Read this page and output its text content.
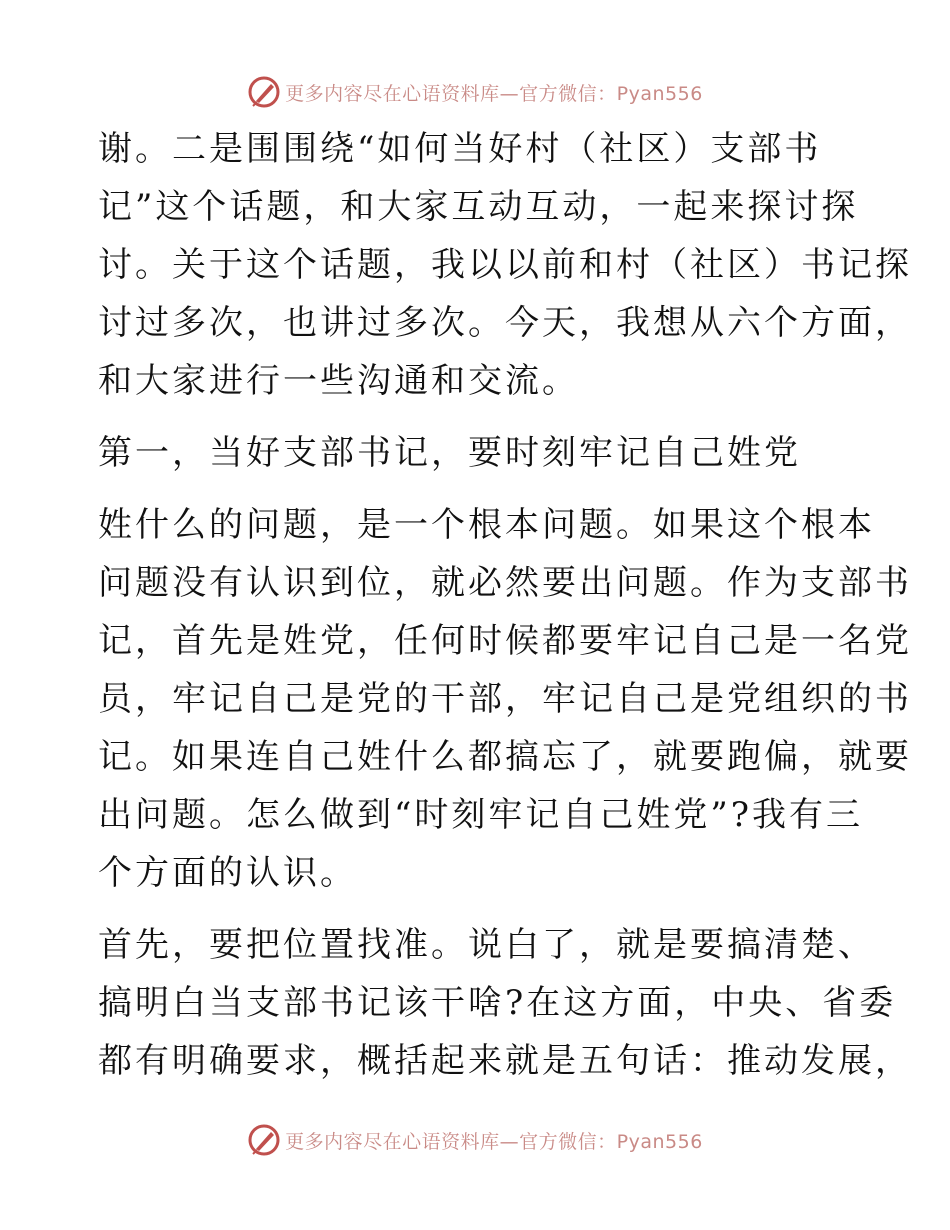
更多内容尽在心语资料库—官方微信：Pyan556
谢。二是围围绕“如何当好村（社区）支部书
记”这个话题，和大家互动互动，一起来探讨探
讨。关于这个话题，我以以前和村（社区）书记探
讨过多次，也讲过多次。今天，我想从六个方面，
和大家进行一些沟通和交流。
第一，当好支部书记，要时刻牢记自己姓党
姓什么的问题，是一个根本问题。如果这个根本
问题没有认识到位，就必然要出问题。作为支部书
记，首先是姓党，任何时候都要牢记自己是一名党
员，牢记自己是党的干部，牢记自己是党组织的书
记。如果连自己姓什么都搞忘了，就要跑偏，就要
出问题。怎么做到“时刻牢记自己姓党”?我有三
个方面的认识。
首先，要把位置找准。说白了，就是要搞清楚、
搞明白当支部书记该干啥?在这方面，中央、省委
都有明确要求，概括起来就是五句话：推动发展，
更多内容尽在心语资料库—官方微信：Pyan556
